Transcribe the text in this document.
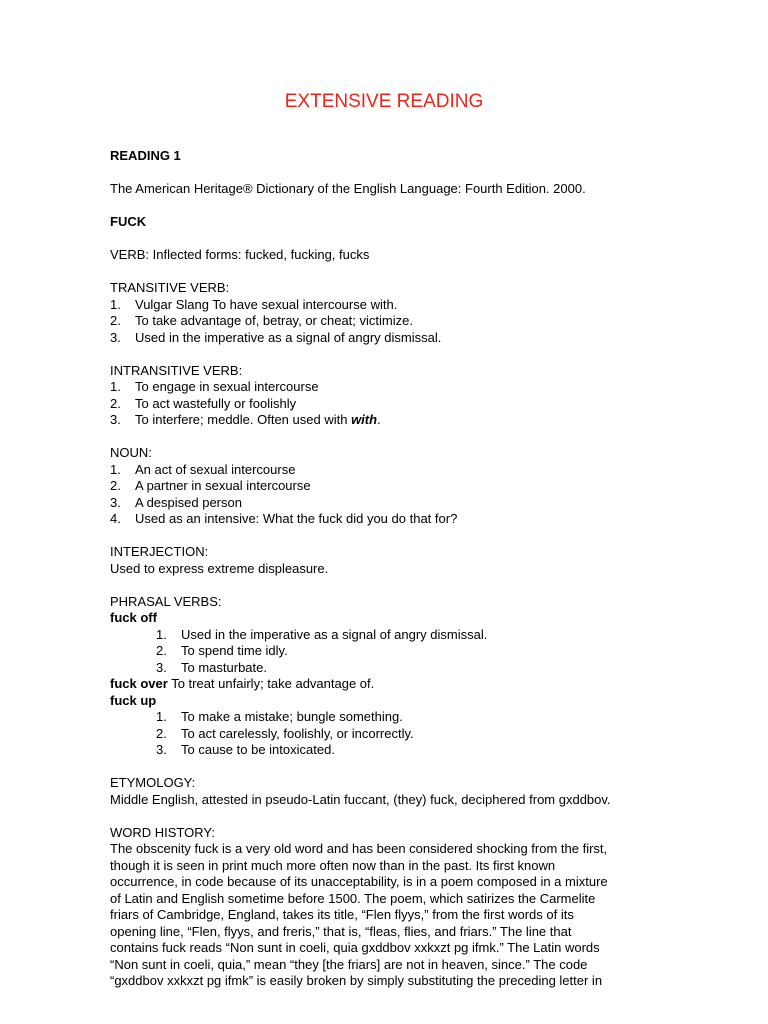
EXTENSIVE READING

READING 1

The American Heritage® Dictionary of the English Language: Fourth Edition. 2000.

FUCK

VERB: Inflected forms: fucked, fucking, fucks

TRANSITIVE VERB:

1.	Vulgar Slang To have sexual intercourse with.
2.	To take advantage of, betray, or cheat; victimize.
3.	Used in the imperative as a signal of angry dismissal.

INTRANSITIVE VERB:

1.	To engage in sexual intercourse
2.	To act wastefully or foolishly
3.	To interfere; meddle. Often used with with.

NOUN:

1.	An act of sexual intercourse
2.	A partner in sexual intercourse
3.	A despised person
4.	Used as an intensive: What the fuck did you do that for?

INTERJECTION:

Used to express extreme displeasure.

PHRASAL VERBS:

fuck off

1.	Used in the imperative as a signal of angry dismissal.
2.	To spend time idly.
3.	To masturbate.

fuck over To treat unfairly; take advantage of.

fuck up

1.	To make a mistake; bungle something.
2.	To act carelessly, foolishly, or incorrectly.
3.	To cause to be intoxicated.

ETYMOLOGY:

Middle English, attested in pseudo-Latin fuccant, (they) fuck, deciphered from gxddbov.

WORD HISTORY:

The obscenity fuck is a very old word and has been considered shocking from the first,

though it is seen in print much more often now than in the past. Its first known

occurrence, in code because of its unacceptability, is in a poem composed in a mixture

of Latin and English sometime before 1500. The poem, which satirizes the Carmelite

friars of Cambridge, England, takes its title, “Flen flyys,” from the first words of its

opening line, “Flen, flyys, and freris,” that is, “fleas, flies, and friars.” The line that

contains fuck reads “Non sunt in coeli, quia gxddbov xxkxzt pg ifmk.” The Latin words

“Non sunt in coeli, quia,” mean “they [the friars] are not in heaven, since.” The code

“gxddbov xxkxzt pg ifmk” is easily broken by simply substituting the preceding letter in
